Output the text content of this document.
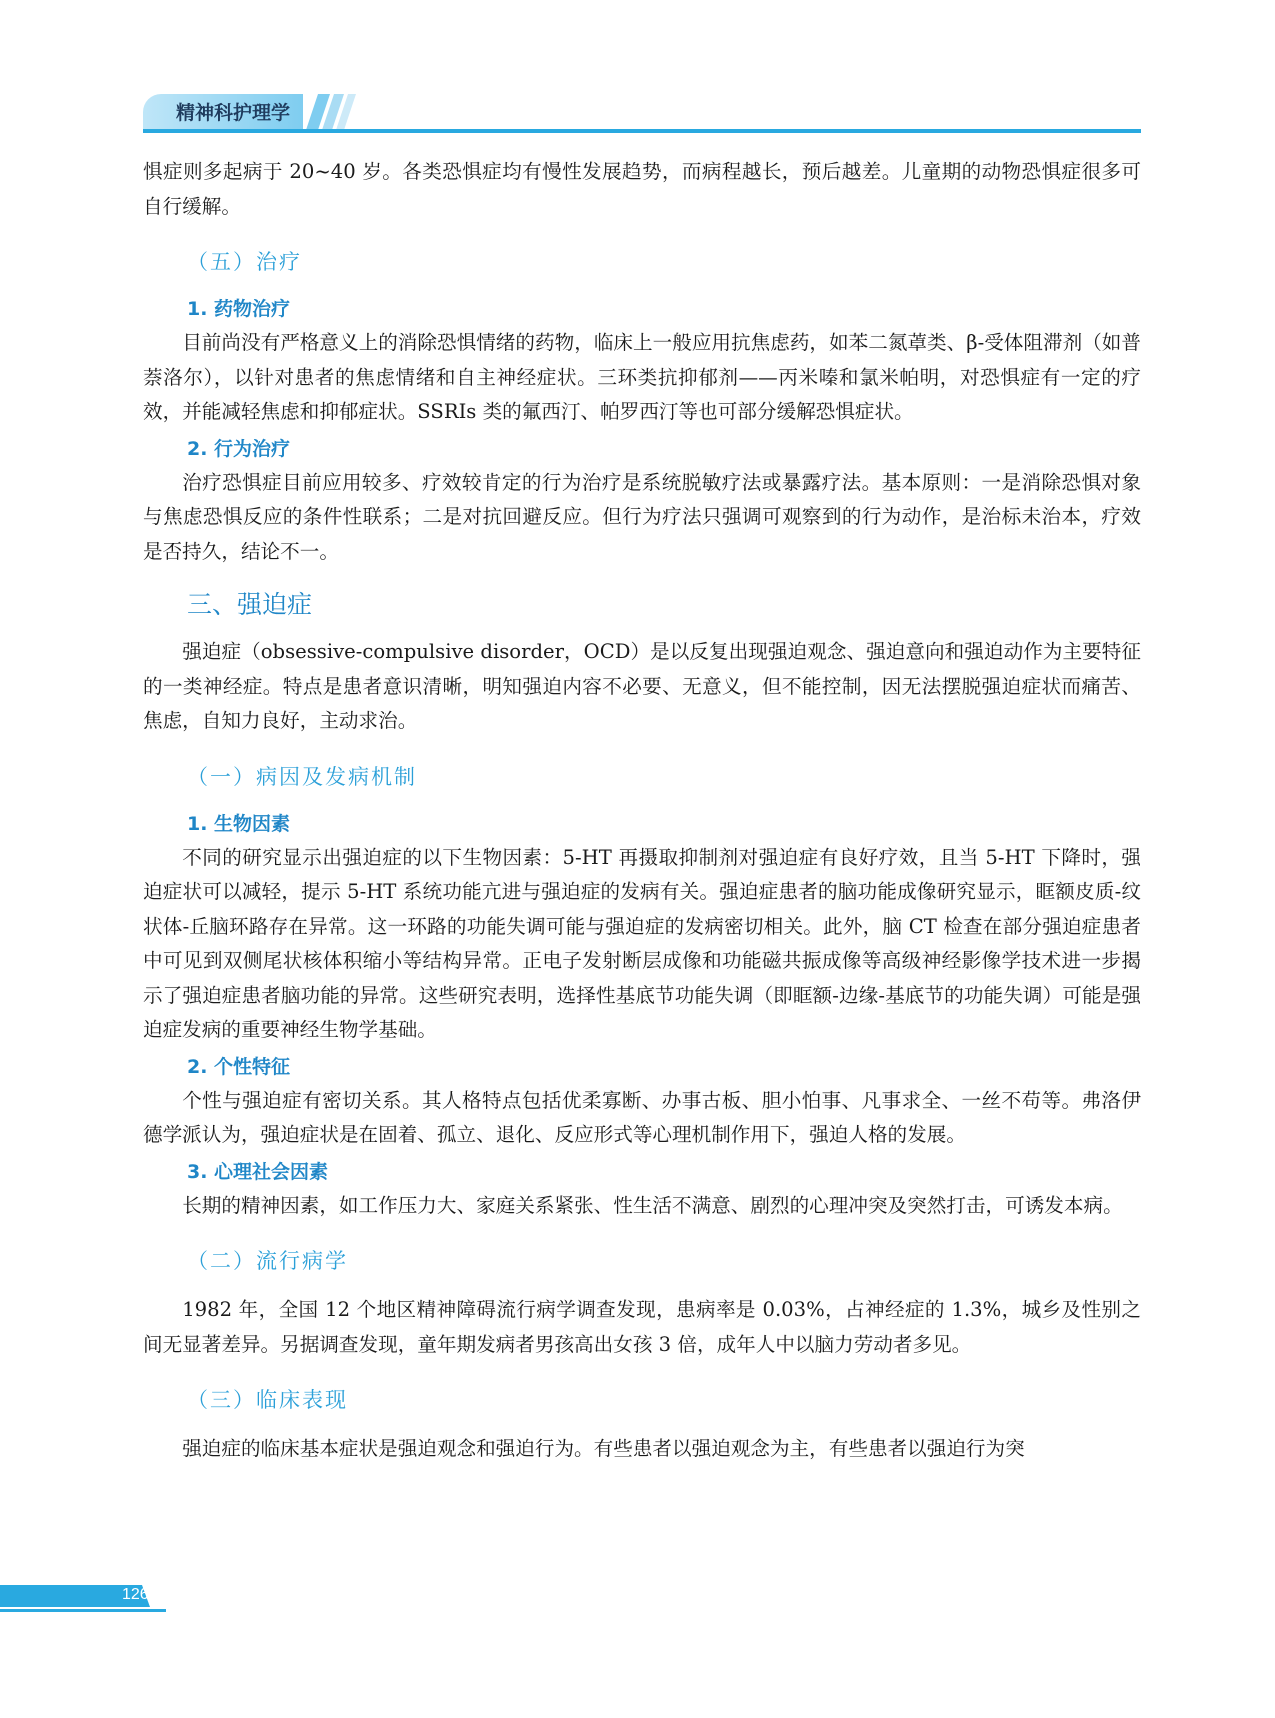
精神科护理学

惧症则多起病于 20~40 岁。各类恐惧症均有慢性发展趋势，而病程越长，预后越差。儿童期的动物恐惧症很多可自行缓解。

（五）治疗
1. 药物治疗

目前尚没有严格意义上的消除恐惧情绪的药物，临床上一般应用抗焦虑药，如苯二氮䓬类、β-受体阻滞剂（如普萘洛尔），以针对患者的焦虑情绪和自主神经症状。三环类抗抑郁剂——丙米嗪和氯米帕明，对恐惧症有一定的疗效，并能减轻焦虑和抑郁症状。SSRIs 类的氟西汀、帕罗西汀等也可部分缓解恐惧症状。

2. 行为治疗

治疗恐惧症目前应用较多、疗效较肯定的行为治疗是系统脱敏疗法或暴露疗法。基本原则：一是消除恐惧对象与焦虑恐惧反应的条件性联系；二是对抗回避反应。但行为疗法只强调可观察到的行为动作，是治标未治本，疗效是否持久，结论不一。

三、强迫症

强迫症（obsessive-compulsive disorder，OCD）是以反复出现强迫观念、强迫意向和强迫动作为主要特征的一类神经症。特点是患者意识清晰，明知强迫内容不必要、无意义，但不能控制，因无法摆脱强迫症状而痛苦、焦虑，自知力良好，主动求治。

（一）病因及发病机制
1. 生物因素

不同的研究显示出强迫症的以下生物因素：5-HT 再摄取抑制剂对强迫症有良好疗效，且当 5-HT 下降时，强迫症状可以减轻，提示 5-HT 系统功能亢进与强迫症的发病有关。强迫症患者的脑功能成像研究显示，眶额皮质-纹状体-丘脑环路存在异常。这一环路的功能失调可能与强迫症的发病密切相关。此外，脑 CT 检查在部分强迫症患者中可见到双侧尾状核体积缩小等结构异常。正电子发射断层成像和功能磁共振成像等高级神经影像学技术进一步揭示了强迫症患者脑功能的异常。这些研究表明，选择性基底节功能失调（即眶额-边缘-基底节的功能失调）可能是强迫症发病的重要神经生物学基础。

2. 个性特征

个性与强迫症有密切关系。其人格特点包括优柔寡断、办事古板、胆小怕事、凡事求全、一丝不苟等。弗洛伊德学派认为，强迫症状是在固着、孤立、退化、反应形式等心理机制作用下，强迫人格的发展。

3. 心理社会因素

长期的精神因素，如工作压力大、家庭关系紧张、性生活不满意、剧烈的心理冲突及突然打击，可诱发本病。

（二）流行病学

1982 年，全国 12 个地区精神障碍流行病学调查发现，患病率是 0.03%，占神经症的 1.3%，城乡及性别之间无显著差异。另据调查发现，童年期发病者男孩高出女孩 3 倍，成年人中以脑力劳动者多见。

（三）临床表现

强迫症的临床基本症状是强迫观念和强迫行为。有些患者以强迫观念为主，有些患者以强迫行为突

126
